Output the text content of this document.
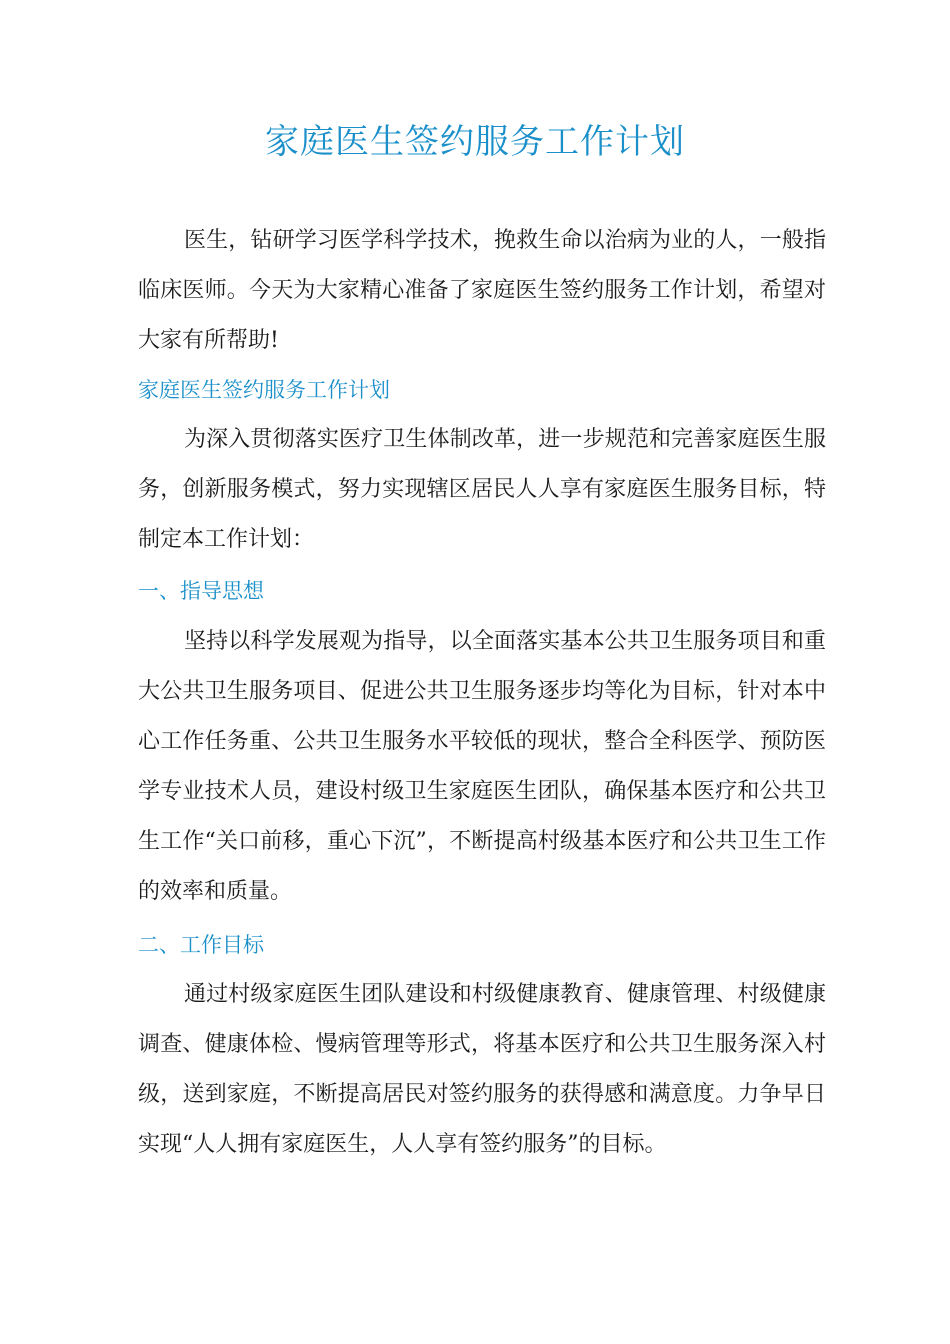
家庭医生签约服务工作计划

医生，钻研学习医学科学技术，挽救生命以治病为业的人，一般指临床医师。今天为大家精心准备了家庭医生签约服务工作计划，希望对大家有所帮助!

家庭医生签约服务工作计划

为深入贯彻落实医疗卫生体制改革，进一步规范和完善家庭医生服务，创新服务模式，努力实现辖区居民人人享有家庭医生服务目标，特制定本工作计划：

一、指导思想

坚持以科学发展观为指导，以全面落实基本公共卫生服务项目和重大公共卫生服务项目、促进公共卫生服务逐步均等化为目标，针对本中心工作任务重、公共卫生服务水平较低的现状，整合全科医学、预防医学专业技术人员，建设村级卫生家庭医生团队，确保基本医疗和公共卫生工作“关口前移，重心下沉”，不断提高村级基本医疗和公共卫生工作的效率和质量。

二、工作目标

通过村级家庭医生团队建设和村级健康教育、健康管理、村级健康调查、健康体检、慢病管理等形式，将基本医疗和公共卫生服务深入村级，送到家庭，不断提高居民对签约服务的获得感和满意度。力争早日实现“人人拥有家庭医生，人人享有签约服务”的目标。
